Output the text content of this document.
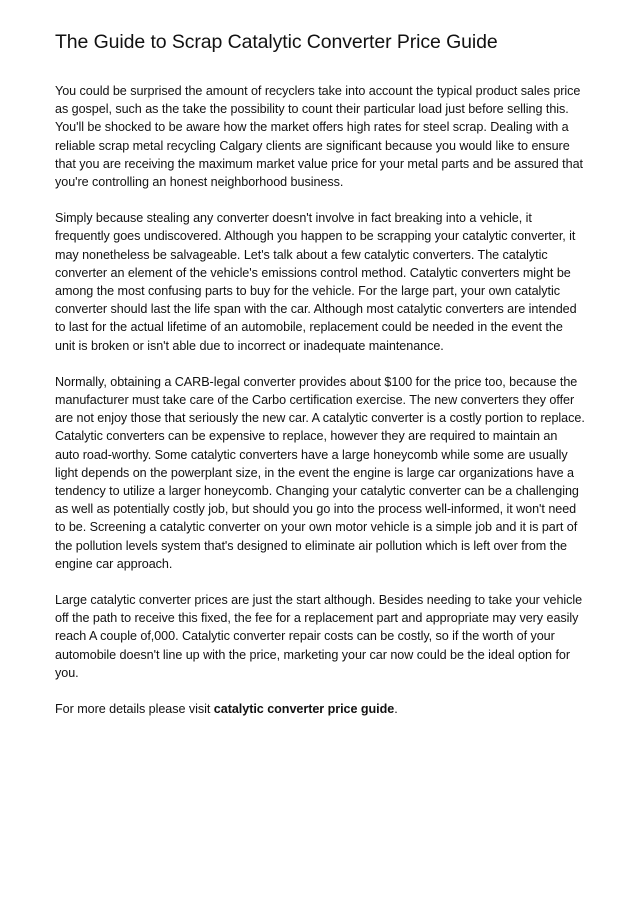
The Guide to Scrap Catalytic Converter Price Guide

You could be surprised the amount of recyclers take into account the typical product sales price as gospel, such as the take the possibility to count their particular load just before selling this. You'll be shocked to be aware how the market offers high rates for steel scrap. Dealing with a reliable scrap metal recycling Calgary clients are significant because you would like to ensure that you are receiving the maximum market value price for your metal parts and be assured that you're controlling an honest neighborhood business.

Simply because stealing any converter doesn't involve in fact breaking into a vehicle, it frequently goes undiscovered. Although you happen to be scrapping your catalytic converter, it may nonetheless be salvageable. Let's talk about a few catalytic converters. The catalytic converter an element of the vehicle's emissions control method. Catalytic converters might be among the most confusing parts to buy for the vehicle. For the large part, your own catalytic converter should last the life span with the car. Although most catalytic converters are intended to last for the actual lifetime of an automobile, replacement could be needed in the event the unit is broken or isn't able due to incorrect or inadequate maintenance.

Normally, obtaining a CARB-legal converter provides about $100 for the price too, because the manufacturer must take care of the Carbo certification exercise. The new converters they offer are not enjoy those that seriously the new car. A catalytic converter is a costly portion to replace. Catalytic converters can be expensive to replace, however they are required to maintain an auto road-worthy. Some catalytic converters have a large honeycomb while some are usually light depends on the powerplant size, in the event the engine is large car organizations have a tendency to utilize a larger honeycomb. Changing your catalytic converter can be a challenging as well as potentially costly job, but should you go into the process well-informed, it won't need to be. Screening a catalytic converter on your own motor vehicle is a simple job and it is part of the pollution levels system that's designed to eliminate air pollution which is left over from the engine car approach.

Large catalytic converter prices are just the start although. Besides needing to take your vehicle off the path to receive this fixed, the fee for a replacement part and appropriate may very easily reach A couple of,000. Catalytic converter repair costs can be costly, so if the worth of your automobile doesn't line up with the price, marketing your car now could be the ideal option for you.

For more details please visit catalytic converter price guide.
